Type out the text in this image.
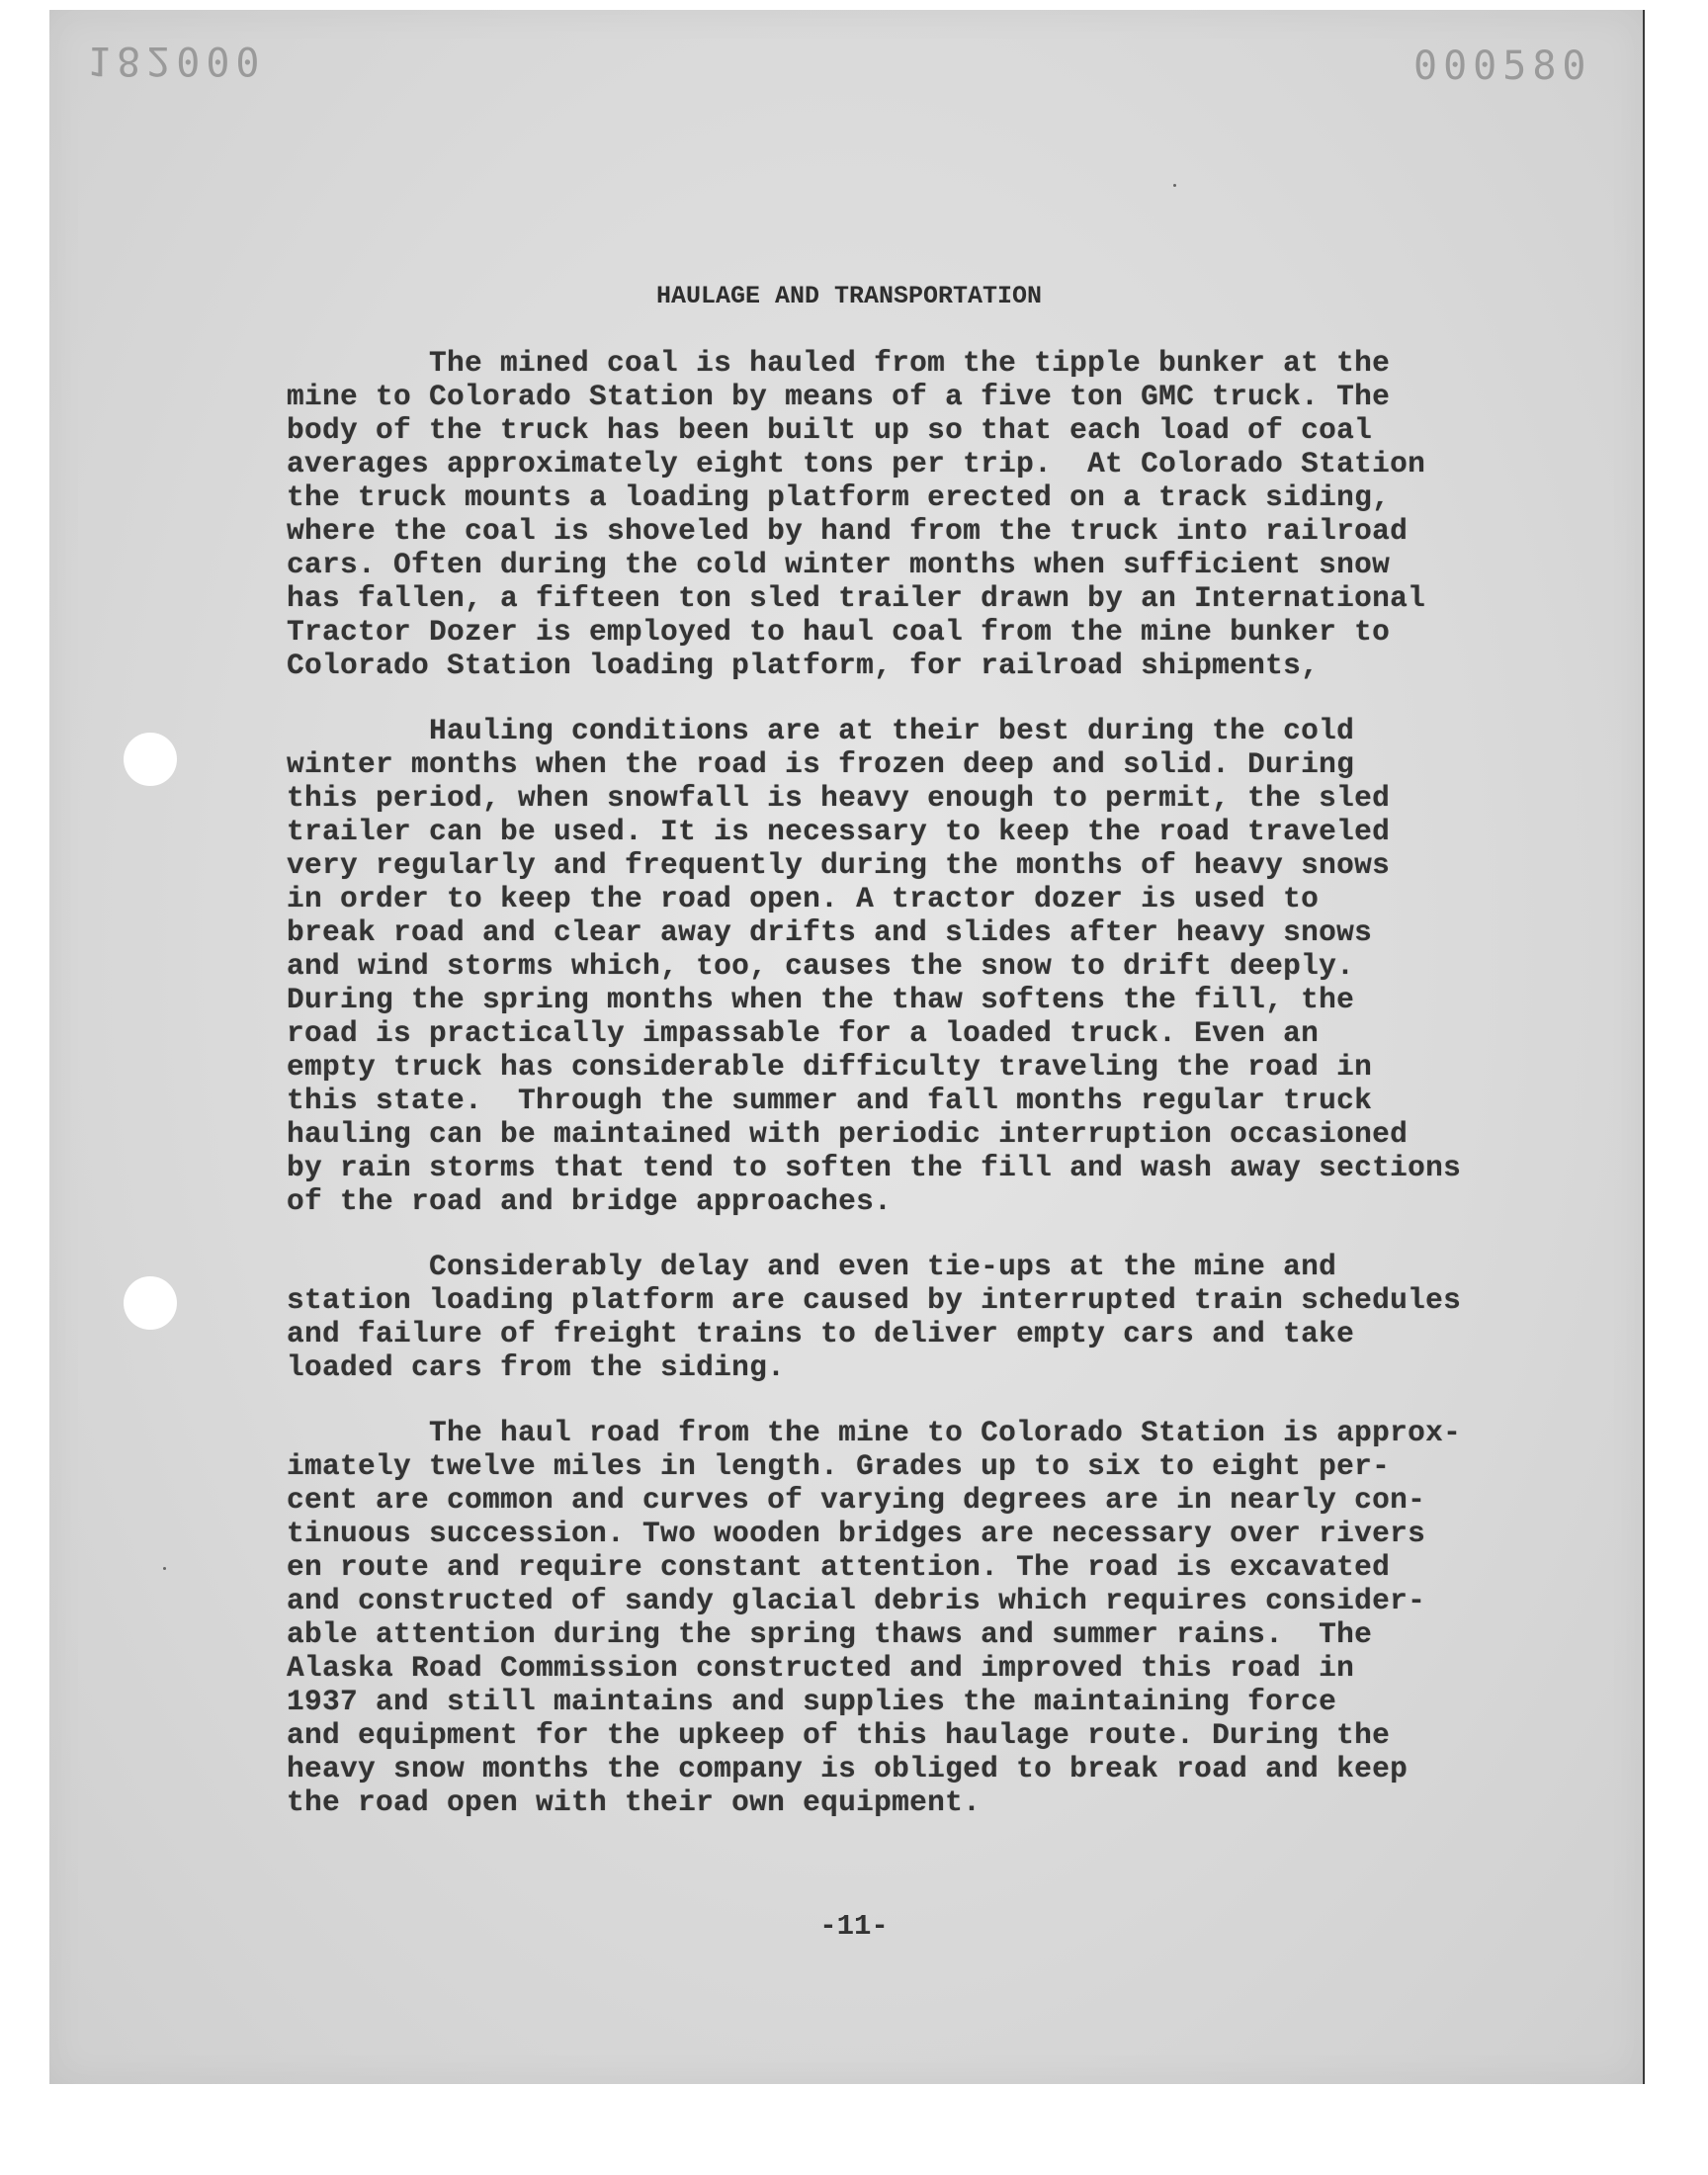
182000	000580
HAULAGE AND TRANSPORTATION
The mined coal is hauled from the tipple bunker at the
mine to Colorado Station by means of a five ton GMC truck. The
body of the truck has been built up so that each load of coal
averages approximately eight tons per trip.  At Colorado Station
the truck mounts a loading platform erected on a track siding,
where the coal is shoveled by hand from the truck into railroad
cars. Often during the cold winter months when sufficient snow
has fallen, a fifteen ton sled trailer drawn by an International
Tractor Dozer is employed to haul coal from the mine bunker to
Colorado Station loading platform, for railroad shipments,
Hauling conditions are at their best during the cold
winter months when the road is frozen deep and solid. During
this period, when snowfall is heavy enough to permit, the sled
trailer can be used. It is necessary to keep the road traveled
very regularly and frequently during the months of heavy snows
in order to keep the road open. A tractor dozer is used to
break road and clear away drifts and slides after heavy snows
and wind storms which, too, causes the snow to drift deeply.
During the spring months when the thaw softens the fill, the
road is practically impassable for a loaded truck. Even an
empty truck has considerable difficulty traveling the road in
this state.  Through the summer and fall months regular truck
hauling can be maintained with periodic interruption occasioned
by rain storms that tend to soften the fill and wash away sections
of the road and bridge approaches.
Considerably delay and even tie-ups at the mine and
station loading platform are caused by interrupted train schedules
and failure of freight trains to deliver empty cars and take
loaded cars from the siding.
The haul road from the mine to Colorado Station is approx-
imately twelve miles in length. Grades up to six to eight per-
cent are common and curves of varying degrees are in nearly con-
tinuous succession. Two wooden bridges are necessary over rivers
en route and require constant attention. The road is excavated
and constructed of sandy glacial debris which requires consider-
able attention during the spring thaws and summer rains.  The
Alaska Road Commission constructed and improved this road in
1937 and still maintains and supplies the maintaining force
and equipment for the upkeep of this haulage route. During the
heavy snow months the company is obliged to break road and keep
the road open with their own equipment.
-11-
